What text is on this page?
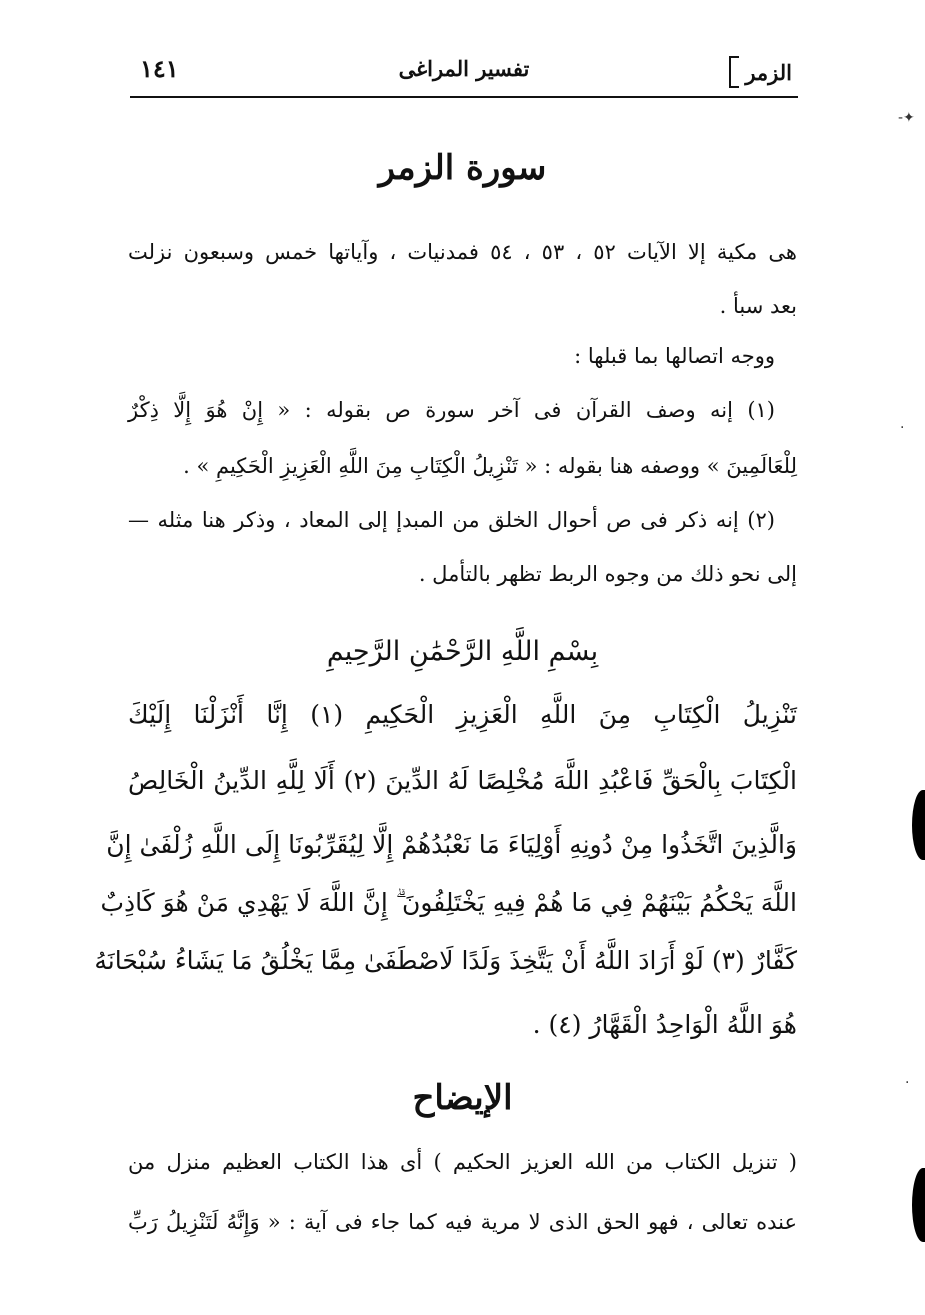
الزمر
تفسير المراغى
١٤١
سورة الزمر
هى مكية إلا الآيات ٥٢ ، ٥٣ ، ٥٤ فمدنيات ، وآياتها خمس وسبعون نزلت
بعد سبأ .
ووجه اتصالها بما قبلها :
(١) إنه وصف القرآن فى آخر سورة ص بقوله : « إِنْ هُوَ إِلَّا ذِكْرٌ
لِلْعَالَمِينَ » ووصفه هنا بقوله : « تَنْزِيلُ الْكِتَابِ مِنَ اللَّهِ الْعَزِيزِ الْحَكِيمِ » .
(٢) إنه ذكر فى ص أحوال الخلق من المبدإ إلى المعاد ، وذكر هنا مثله —
إلى نحو ذلك من وجوه الربط تظهر بالتأمل .
بِسْمِ اللَّهِ الرَّحْمَٰنِ الرَّحِيمِ
تَنْزِيلُ الْكِتَابِ مِنَ اللَّهِ الْعَزِيزِ الْحَكِيمِ (١) إِنَّا أَنْزَلْنَا إِلَيْكَ
الْكِتَابَ بِالْحَقِّ فَاعْبُدِ اللَّهَ مُخْلِصًا لَهُ الدِّينَ (٢) أَلَا لِلَّهِ الدِّينُ الْخَالِصُ
وَالَّذِينَ اتَّخَذُوا مِنْ دُونِهِ أَوْلِيَاءَ مَا نَعْبُدُهُمْ إِلَّا لِيُقَرِّبُونَا إِلَى اللَّهِ زُلْفَىٰ إِنَّ
اللَّهَ يَحْكُمُ بَيْنَهُمْ فِي مَا هُمْ فِيهِ يَخْتَلِفُونَ ۗ إِنَّ اللَّهَ لَا يَهْدِي مَنْ هُوَ كَاذِبٌ
كَفَّارٌ (٣) لَوْ أَرَادَ اللَّهُ أَنْ يَتَّخِذَ وَلَدًا لَاصْطَفَىٰ مِمَّا يَخْلُقُ مَا يَشَاءُ سُبْحَانَهُ
هُوَ اللَّهُ الْوَاحِدُ الْقَهَّارُ (٤) .
الإيضاح
( تنزيل الكتاب من الله العزيز الحكيم ) أى هذا الكتاب العظيم منزل من
عنده تعالى ، فهو الحق الذى لا مرية فيه كما جاء فى آية : « وَإِنَّهُ لَتَنْزِيلُ رَبِّ
-✦
·
·
